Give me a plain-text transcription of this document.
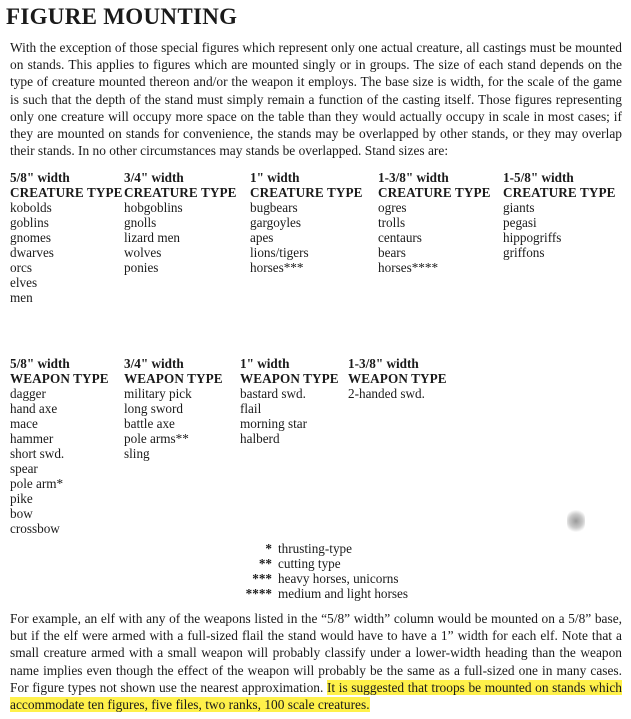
FIGURE MOUNTING

With the exception of those special figures which represent only one actual creature, all castings must be mounted on stands. This applies to figures which are mounted singly or in groups. The size of each stand depends on the type of creature mounted thereon and/or the weapon it employs. The base size is width, for the scale of the game is such that the depth of the stand must simply remain a function of the casting itself. Those figures representing only one creature will occupy more space on the table than they would actually occupy in scale in most cases; if they are mounted on stands for convenience, the stands may be overlapped by other stands, or they may overlap their stands. In no other circumstances may stands be overlapped. Stand sizes are:

5/8" width
CREATURE TYPE
kobolds
goblins
gnomes
dwarves
orcs
elves
men
3/4" width
CREATURE TYPE
hobgoblins
gnolls
lizard men
wolves
ponies
1" width
CREATURE TYPE
bugbears
gargoyles
apes
lions/tigers
horses***
1-3/8" width
CREATURE TYPE
ogres
trolls
centaurs
bears
horses****
1-5/8" width
CREATURE TYPE
giants
pegasi
hippogriffs
griffons
5/8" width
WEAPON TYPE
dagger
hand axe
mace
hammer
short swd.
spear
pole arm*
pike
bow
crossbow
3/4" width
WEAPON TYPE
military pick
long sword
battle axe
pole arms**
sling
1" width
WEAPON TYPE
bastard swd.
flail
morning star
halberd
1-3/8" width
WEAPON TYPE
2-handed swd.
* thrusting-type
** cutting type
*** heavy horses, unicorns
**** medium and light horses

For example, an elf with any of the weapons listed in the “5/8” width” column would be mounted on a 5/8” base, but if the elf were armed with a full-sized flail the stand would have to have a 1” width for each elf. Note that a small creature armed with a small weapon will probably classify under a lower-width heading than the weapon name implies even though the effect of the weapon will probably be the same as a full-sized one in many cases. For figure types not shown use the nearest approximation. It is suggested that troops be mounted on stands which accommodate ten figures, five files, two ranks, 100 scale creatures.
